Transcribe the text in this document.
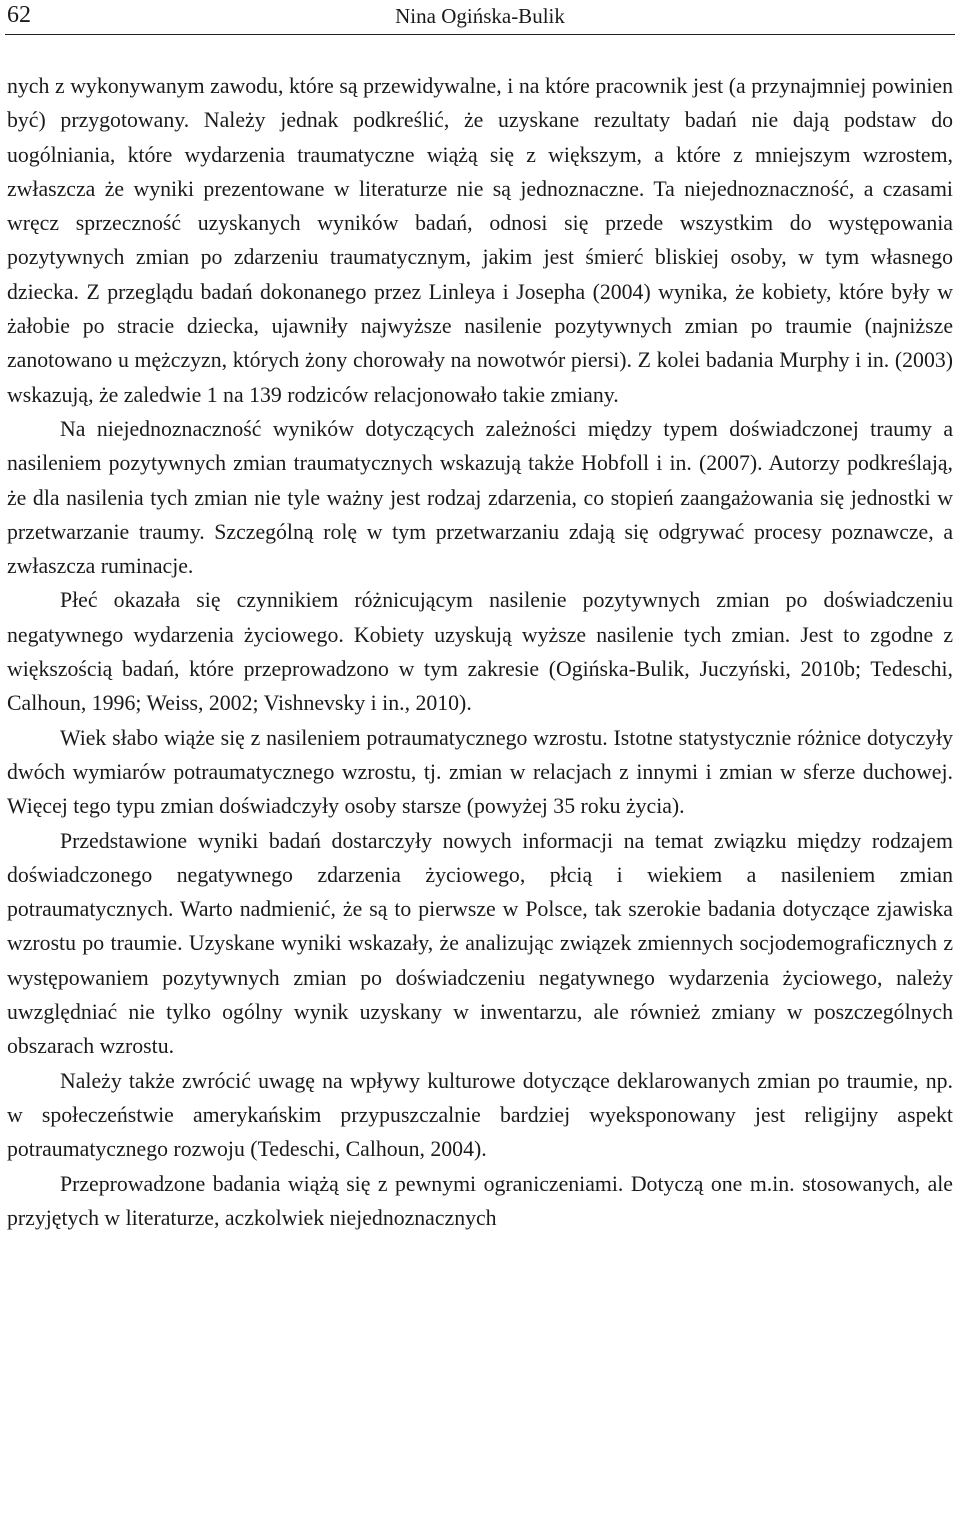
62	Nina Ogińska-Bulik

nych z wykonywanym zawodu, które są przewidywalne, i na które pracownik jest (a przynajmniej powinien być) przygotowany. Należy jednak podkreślić, że uzyskane rezultaty badań nie dają podstaw do uogólniania, które wydarzenia traumatyczne wiążą się z większym, a które z mniejszym wzrostem, zwłaszcza że wyniki prezentowane w literaturze nie są jednoznaczne. Ta niejednoznaczność, a czasami wręcz sprzeczność uzyskanych wyników badań, odnosi się przede wszystkim do występowania pozytywnych zmian po zdarzeniu traumatycznym, jakim jest śmierć bliskiej osoby, w tym własnego dziecka. Z przeglądu badań dokonanego przez Linleya i Josepha (2004) wynika, że kobiety, które były w żałobie po stracie dziecka, ujawniły najwyższe nasilenie pozytywnych zmian po traumie (najniższe zanotowano u mężczyzn, których żony chorowały na nowotwór piersi). Z kolei badania Murphy i in. (2003) wskazują, że zaledwie 1 na 139 rodziców relacjonowało takie zmiany.

Na niejednoznaczność wyników dotyczących zależności między typem doświadczonej traumy a nasileniem pozytywnych zmian traumatycznych wskazują także Hobfoll i in. (2007). Autorzy podkreślają, że dla nasilenia tych zmian nie tyle ważny jest rodzaj zdarzenia, co stopień zaangażowania się jednostki w przetwarzanie traumy. Szczególną rolę w tym przetwarzaniu zdają się odgrywać procesy poznawcze, a zwłaszcza ruminacje.

Płeć okazała się czynnikiem różnicującym nasilenie pozytywnych zmian po doświadczeniu negatywnego wydarzenia życiowego. Kobiety uzyskują wyższe nasilenie tych zmian. Jest to zgodne z większością badań, które przeprowadzono w tym zakresie (Ogińska-Bulik, Juczyński, 2010b; Tedeschi, Calhoun, 1996; Weiss, 2002; Vishnevsky i in., 2010).

Wiek słabo wiąże się z nasileniem potraumatycznego wzrostu. Istotne statystycznie różnice dotyczyły dwóch wymiarów potraumatycznego wzrostu, tj. zmian w relacjach z innymi i zmian w sferze duchowej. Więcej tego typu zmian doświadczyły osoby starsze (powyżej 35 roku życia).

Przedstawione wyniki badań dostarczyły nowych informacji na temat związku między rodzajem doświadczonego negatywnego zdarzenia życiowego, płcią i wiekiem a nasileniem zmian potraumatycznych. Warto nadmienić, że są to pierwsze w Polsce, tak szerokie badania dotyczące zjawiska wzrostu po traumie. Uzyskane wyniki wskazały, że analizując związek zmiennych socjodemograficznych z występowaniem pozytywnych zmian po doświadczeniu negatywnego wydarzenia życiowego, należy uwzględniać nie tylko ogólny wynik uzyskany w inwentarzu, ale również zmiany w poszczególnych obszarach wzrostu.

Należy także zwrócić uwagę na wpływy kulturowe dotyczące deklarowanych zmian po traumie, np. w społeczeństwie amerykańskim przypuszczalnie bardziej wyeksponowany jest religijny aspekt potraumatycznego rozwoju (Tedeschi, Calhoun, 2004).

Przeprowadzone badania wiążą się z pewnymi ograniczeniami. Dotyczą one m.in. stosowanych, ale przyjętych w literaturze, aczkolwiek niejednoznacznych
